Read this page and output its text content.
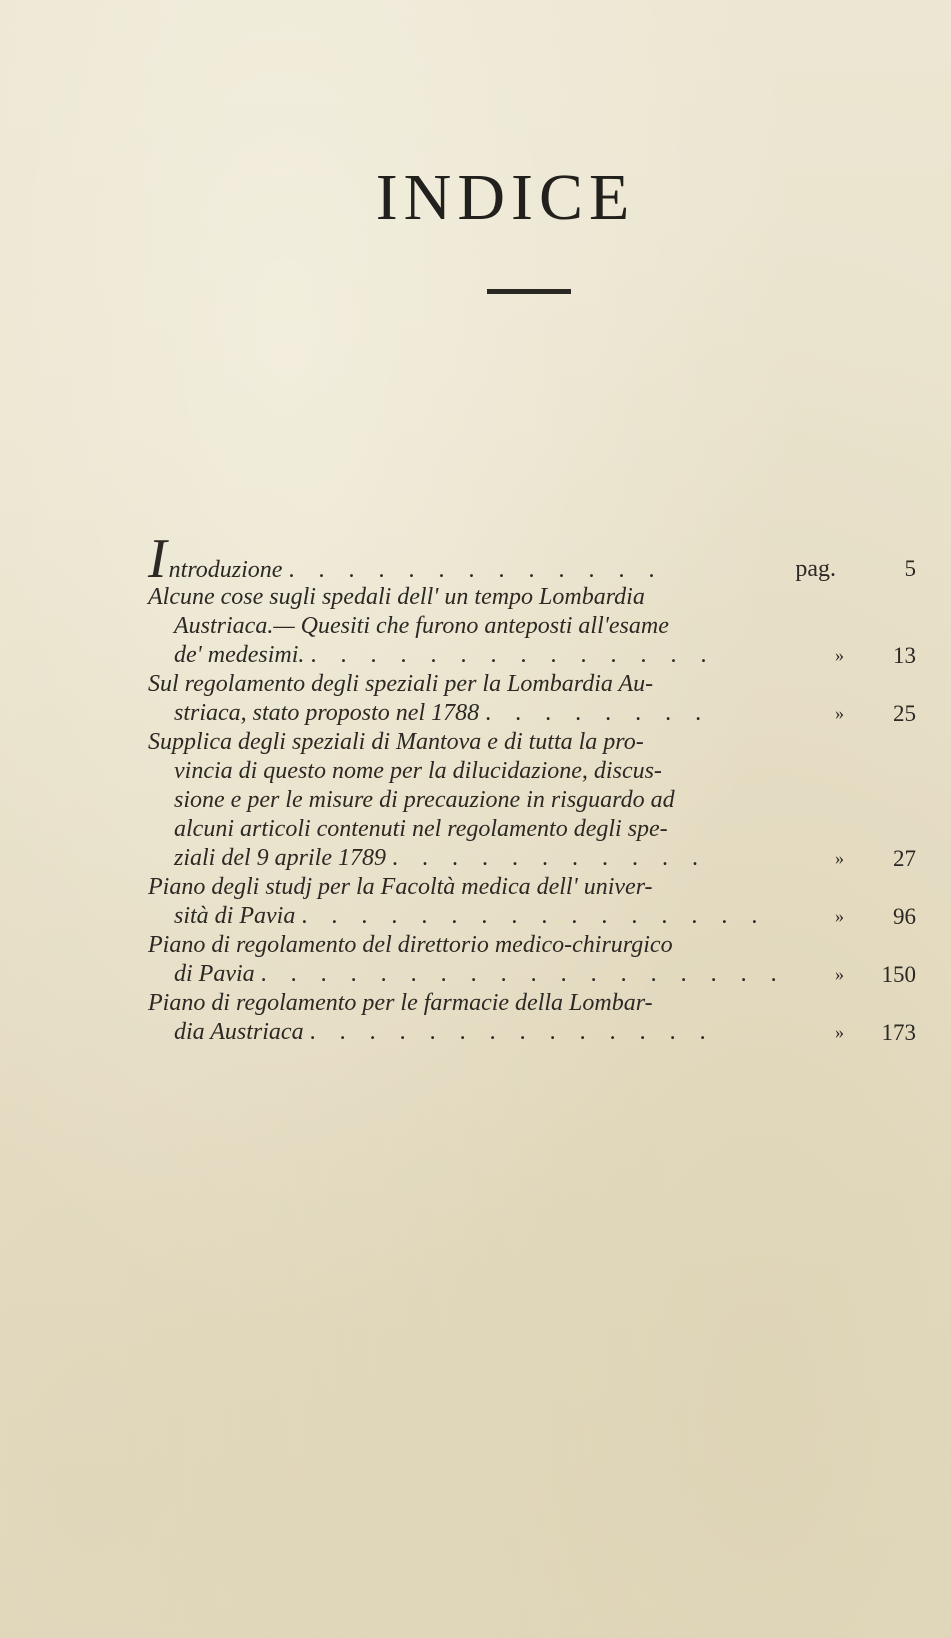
INDICE
Introduzione . . . . . . . . . . . . .	pag.	5
Alcune cose sugli spedali dell' un tempo Lombardia
Austriaca.— Quesiti che furono anteposti all'esame
de' medesimi. . . . . . . . . . . . . . .	»	13
Sul regolamento degli speziali per la Lombardia Au-
striaca, stato proposto nel 1788 . . . . . . . .	»	25
Supplica degli speziali di Mantova e di tutta la pro-
vincia di questo nome per la dilucidazione, discus-
sione e per le misure di precauzione in risguardo ad
alcuni articoli contenuti nel regolamento degli spe-
ziali del 9 aprile 1789 . . . . . . . . . . .	»	27
Piano degli studj per la Facoltà medica dell' univer-
sità di Pavia . . . . . . . . . . . . . . . .	»	96
Piano di regolamento del direttorio medico-chirurgico
di Pavia . . . . . . . . . . . . . . . . . .	» 150
Piano di regolamento per le farmacie della Lombar-
dia Austriaca . . . . . . . . . . . . . .	» 173
